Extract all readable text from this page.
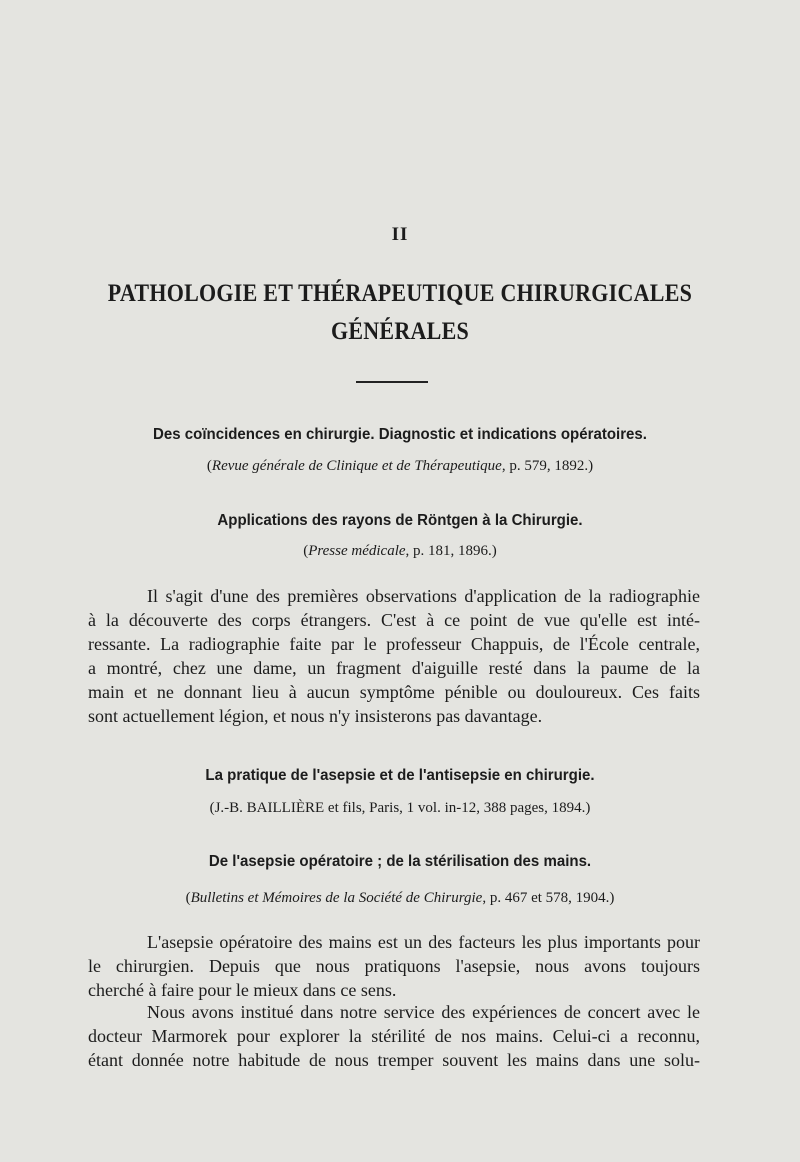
II
PATHOLOGIE ET THÉRAPEUTIQUE CHIRURGICALES
GÉNÉRALES
Des coïncidences en chirurgie. Diagnostic et indications opératoires.
(Revue générale de Clinique et de Thérapeutique, p. 579, 1892.)
Applications des rayons de Röntgen à la Chirurgie.
(Presse médicale, p. 181, 1896.)
Il s'agit d'une des premières observations d'application de la radiographie
à la découverte des corps étrangers. C'est à ce point de vue qu'elle est inté-
ressante. La radiographie faite par le professeur Chappuis, de l'École centrale,
a montré, chez une dame, un fragment d'aiguille resté dans la paume de la
main et ne donnant lieu à aucun symptôme pénible ou douloureux. Ces faits
sont actuellement légion, et nous n'y insisterons pas davantage.
La pratique de l'asepsie et de l'antisepsie en chirurgie.
(J.-B. BAILLIÈRE et fils, Paris, 1 vol. in-12, 388 pages, 1894.)
De l'asepsie opératoire ; de la stérilisation des mains.
(Bulletins et Mémoires de la Société de Chirurgie, p. 467 et 578, 1904.)
L'asepsie opératoire des mains est un des facteurs les plus importants pour
le chirurgien. Depuis que nous pratiquons l'asepsie, nous avons toujours
cherché à faire pour le mieux dans ce sens.
Nous avons institué dans notre service des expériences de concert avec le
docteur Marmorek pour explorer la stérilité de nos mains. Celui-ci a reconnu,
étant donnée notre habitude de nous tremper souvent les mains dans une solu-
